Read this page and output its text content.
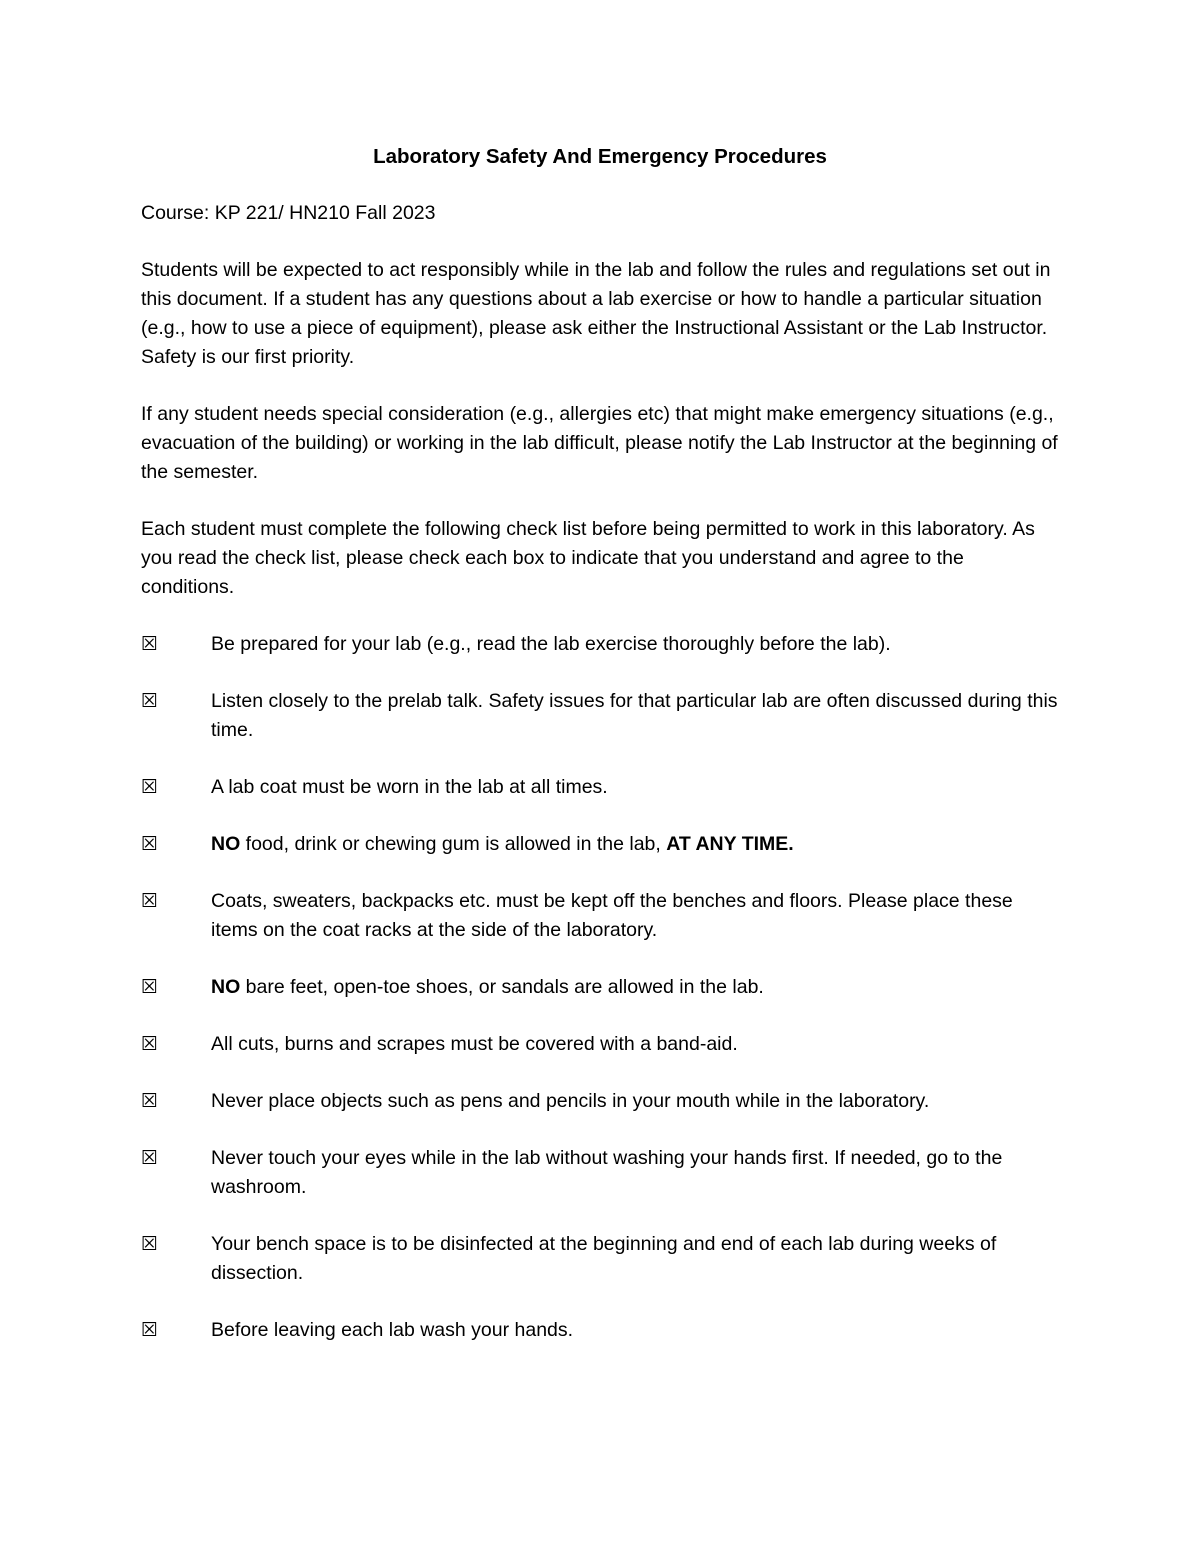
Laboratory Safety And Emergency Procedures
Course: KP 221/ HN210 Fall 2023
Students will be expected to act responsibly while in the lab and follow the rules and regulations set out in this document. If a student has any questions about a lab exercise or how to handle a particular situation (e.g., how to use a piece of equipment), please ask either the Instructional Assistant or the Lab Instructor. Safety is our first priority.
If any student needs special consideration (e.g., allergies etc) that might make emergency situations (e.g., evacuation of the building) or working in the lab difficult, please notify the Lab Instructor at the beginning of the semester.
Each student must complete the following check list before being permitted to work in this laboratory. As you read the check list, please check each box to indicate that you understand and agree to the conditions.
☒	Be prepared for your lab (e.g., read the lab exercise thoroughly before the lab).
☒	Listen closely to the prelab talk. Safety issues for that particular lab are often discussed during this time.
☒	A lab coat must be worn in the lab at all times.
☒	NO food, drink or chewing gum is allowed in the lab, AT ANY TIME.
☒	Coats, sweaters, backpacks etc. must be kept off the benches and floors. Please place these items on the coat racks at the side of the laboratory.
☒	NO bare feet, open-toe shoes, or sandals are allowed in the lab.
☒	All cuts, burns and scrapes must be covered with a band-aid.
☒	Never place objects such as pens and pencils in your mouth while in the laboratory.
☒	Never touch your eyes while in the lab without washing your hands first. If needed, go to the washroom.
☒	Your bench space is to be disinfected at the beginning and end of each lab during weeks of dissection.
☒	Before leaving each lab wash your hands.
